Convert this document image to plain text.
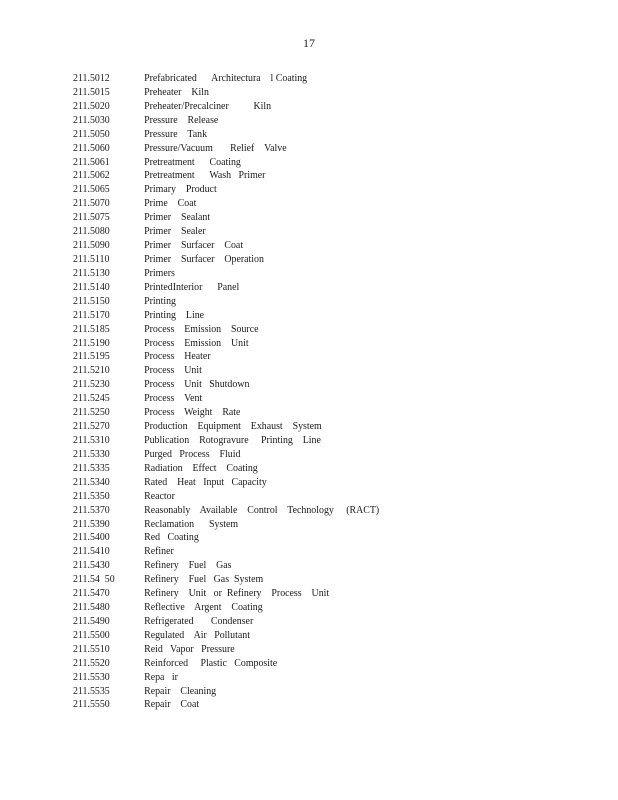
17
211.5012	Prefabricated      Architectura    l Coating
211.5015	Preheater    Kiln
211.5020	Preheater/Precalciner          Kiln
211.5030	Pressure    Release
211.5050	Pressure    Tank
211.5060	Pressure/Vacuum       Relief    Valve
211.5061	Pretreatment      Coating
211.5062	Pretreatment      Wash   Primer
211.5065	Primary    Product
211.5070	Prime    Coat
211.5075	Primer    Sealant
211.5080	Primer    Sealer
211.5090	Primer    Surfacer    Coat
211.5110	Primer    Surfacer    Operation
211.5130	Primers
211.5140	PrintedInterior      Panel
211.5150	Printing
211.5170	Printing    Line
211.5185	Process    Emission    Source
211.5190	Process    Emission    Unit
211.5195	Process    Heater
211.5210	Process    Unit
211.5230	Process    Unit   Shutdown
211.5245	Process    Vent
211.5250	Process    Weight    Rate
211.5270	Production    Equipment    Exhaust    System
211.5310	Publication    Rotogravure     Printing    Line
211.5330	Purged   Process    Fluid
211.5335	Radiation    Effect    Coating
211.5340	Rated    Heat   Input   Capacity
211.5350	Reactor
211.5370	Reasonably    Available    Control    Technology     (RACT)
211.5390	Reclamation      System
211.5400	Red   Coating
211.5410	Refiner
211.5430	Refinery    Fuel    Gas
211.54  50	Refinery    Fuel   Gas  System
211.5470	Refinery    Unit   or  Refinery    Process    Unit
211.5480	Reflective    Argent    Coating
211.5490	Refrigerated       Condenser
211.5500	Regulated    Air   Pollutant
211.5510	Reid   Vapor   Pressure
211.5520	Reinforced     Plastic   Composite
211.5530	Repa   ir
211.5535	Repair    Cleaning
211.5550	Repair    Coat
